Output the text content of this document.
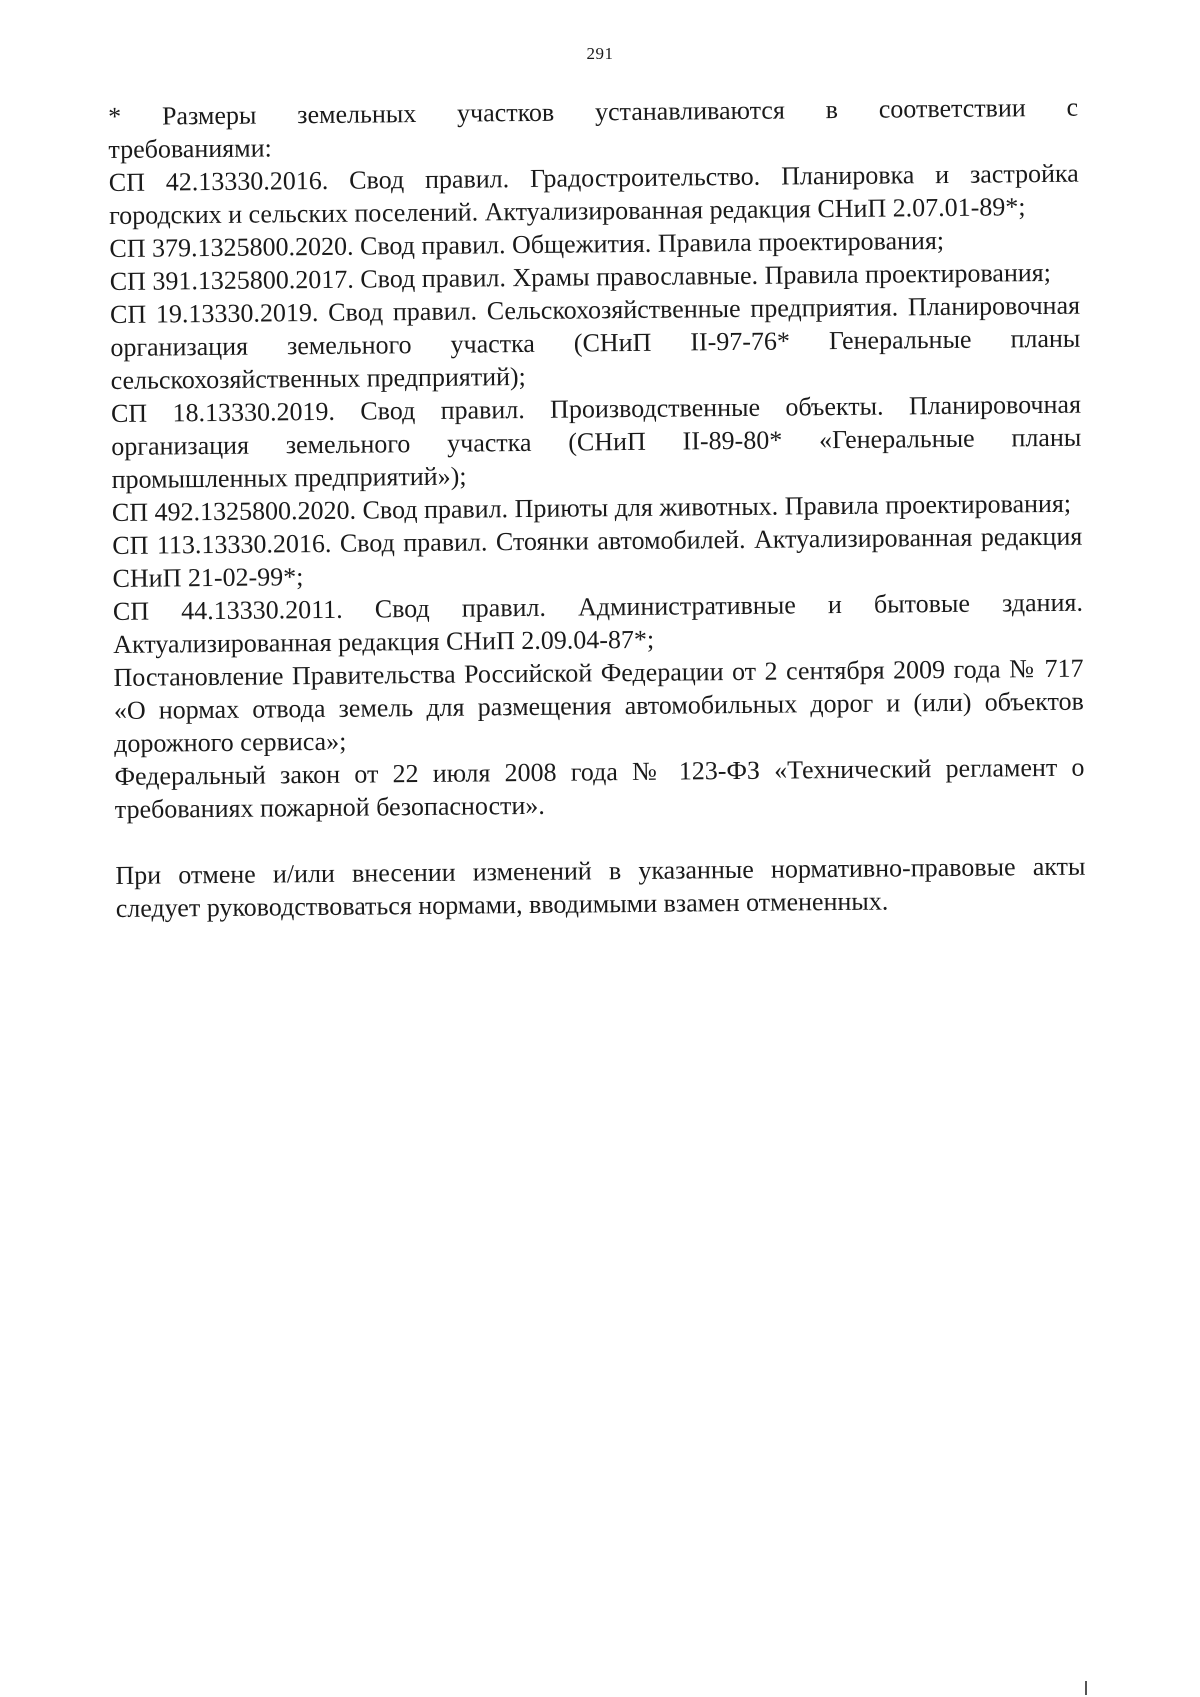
291

* Размеры земельных участков устанавливаются в соответствии с

требованиями:

СП 42.13330.2016. Свод правил. Градостроительство. Планировка и застройка городских и сельских поселений. Актуализированная редакция СНиП 2.07.01-89*;

СП 379.1325800.2020. Свод правил. Общежития. Правила проектирования;

СП 391.1325800.2017. Свод правил. Храмы православные. Правила проектирования;

СП 19.13330.2019. Свод правил. Сельскохозяйственные предприятия. Планировочная организация земельного участка (СНиП II-97-76* Генеральные планы сельскохозяйственных предприятий);

СП 18.13330.2019. Свод правил. Производственные объекты. Планировочная организация земельного участка (СНиП II-89-80* «Генеральные планы промышленных предприятий»);

СП 492.1325800.2020. Свод правил. Приюты для животных. Правила проектирования;

СП 113.13330.2016. Свод правил. Стоянки автомобилей. Актуализированная редакция СНиП 21-02-99*;

СП 44.13330.2011. Свод правил. Административные и бытовые здания. Актуализированная редакция СНиП 2.09.04-87*;

Постановление Правительства Российской Федерации от 2 сентября 2009 года № 717 «О нормах отвода земель для размещения автомобильных дорог и (или) объектов дорожного сервиса»;

Федеральный закон от 22 июля 2008 года № 123-ФЗ «Технический регламент о требованиях пожарной безопасности».

При отмене и/или внесении изменений в указанные нормативно-правовые акты следует руководствоваться нормами, вводимыми взамен отмененных.
